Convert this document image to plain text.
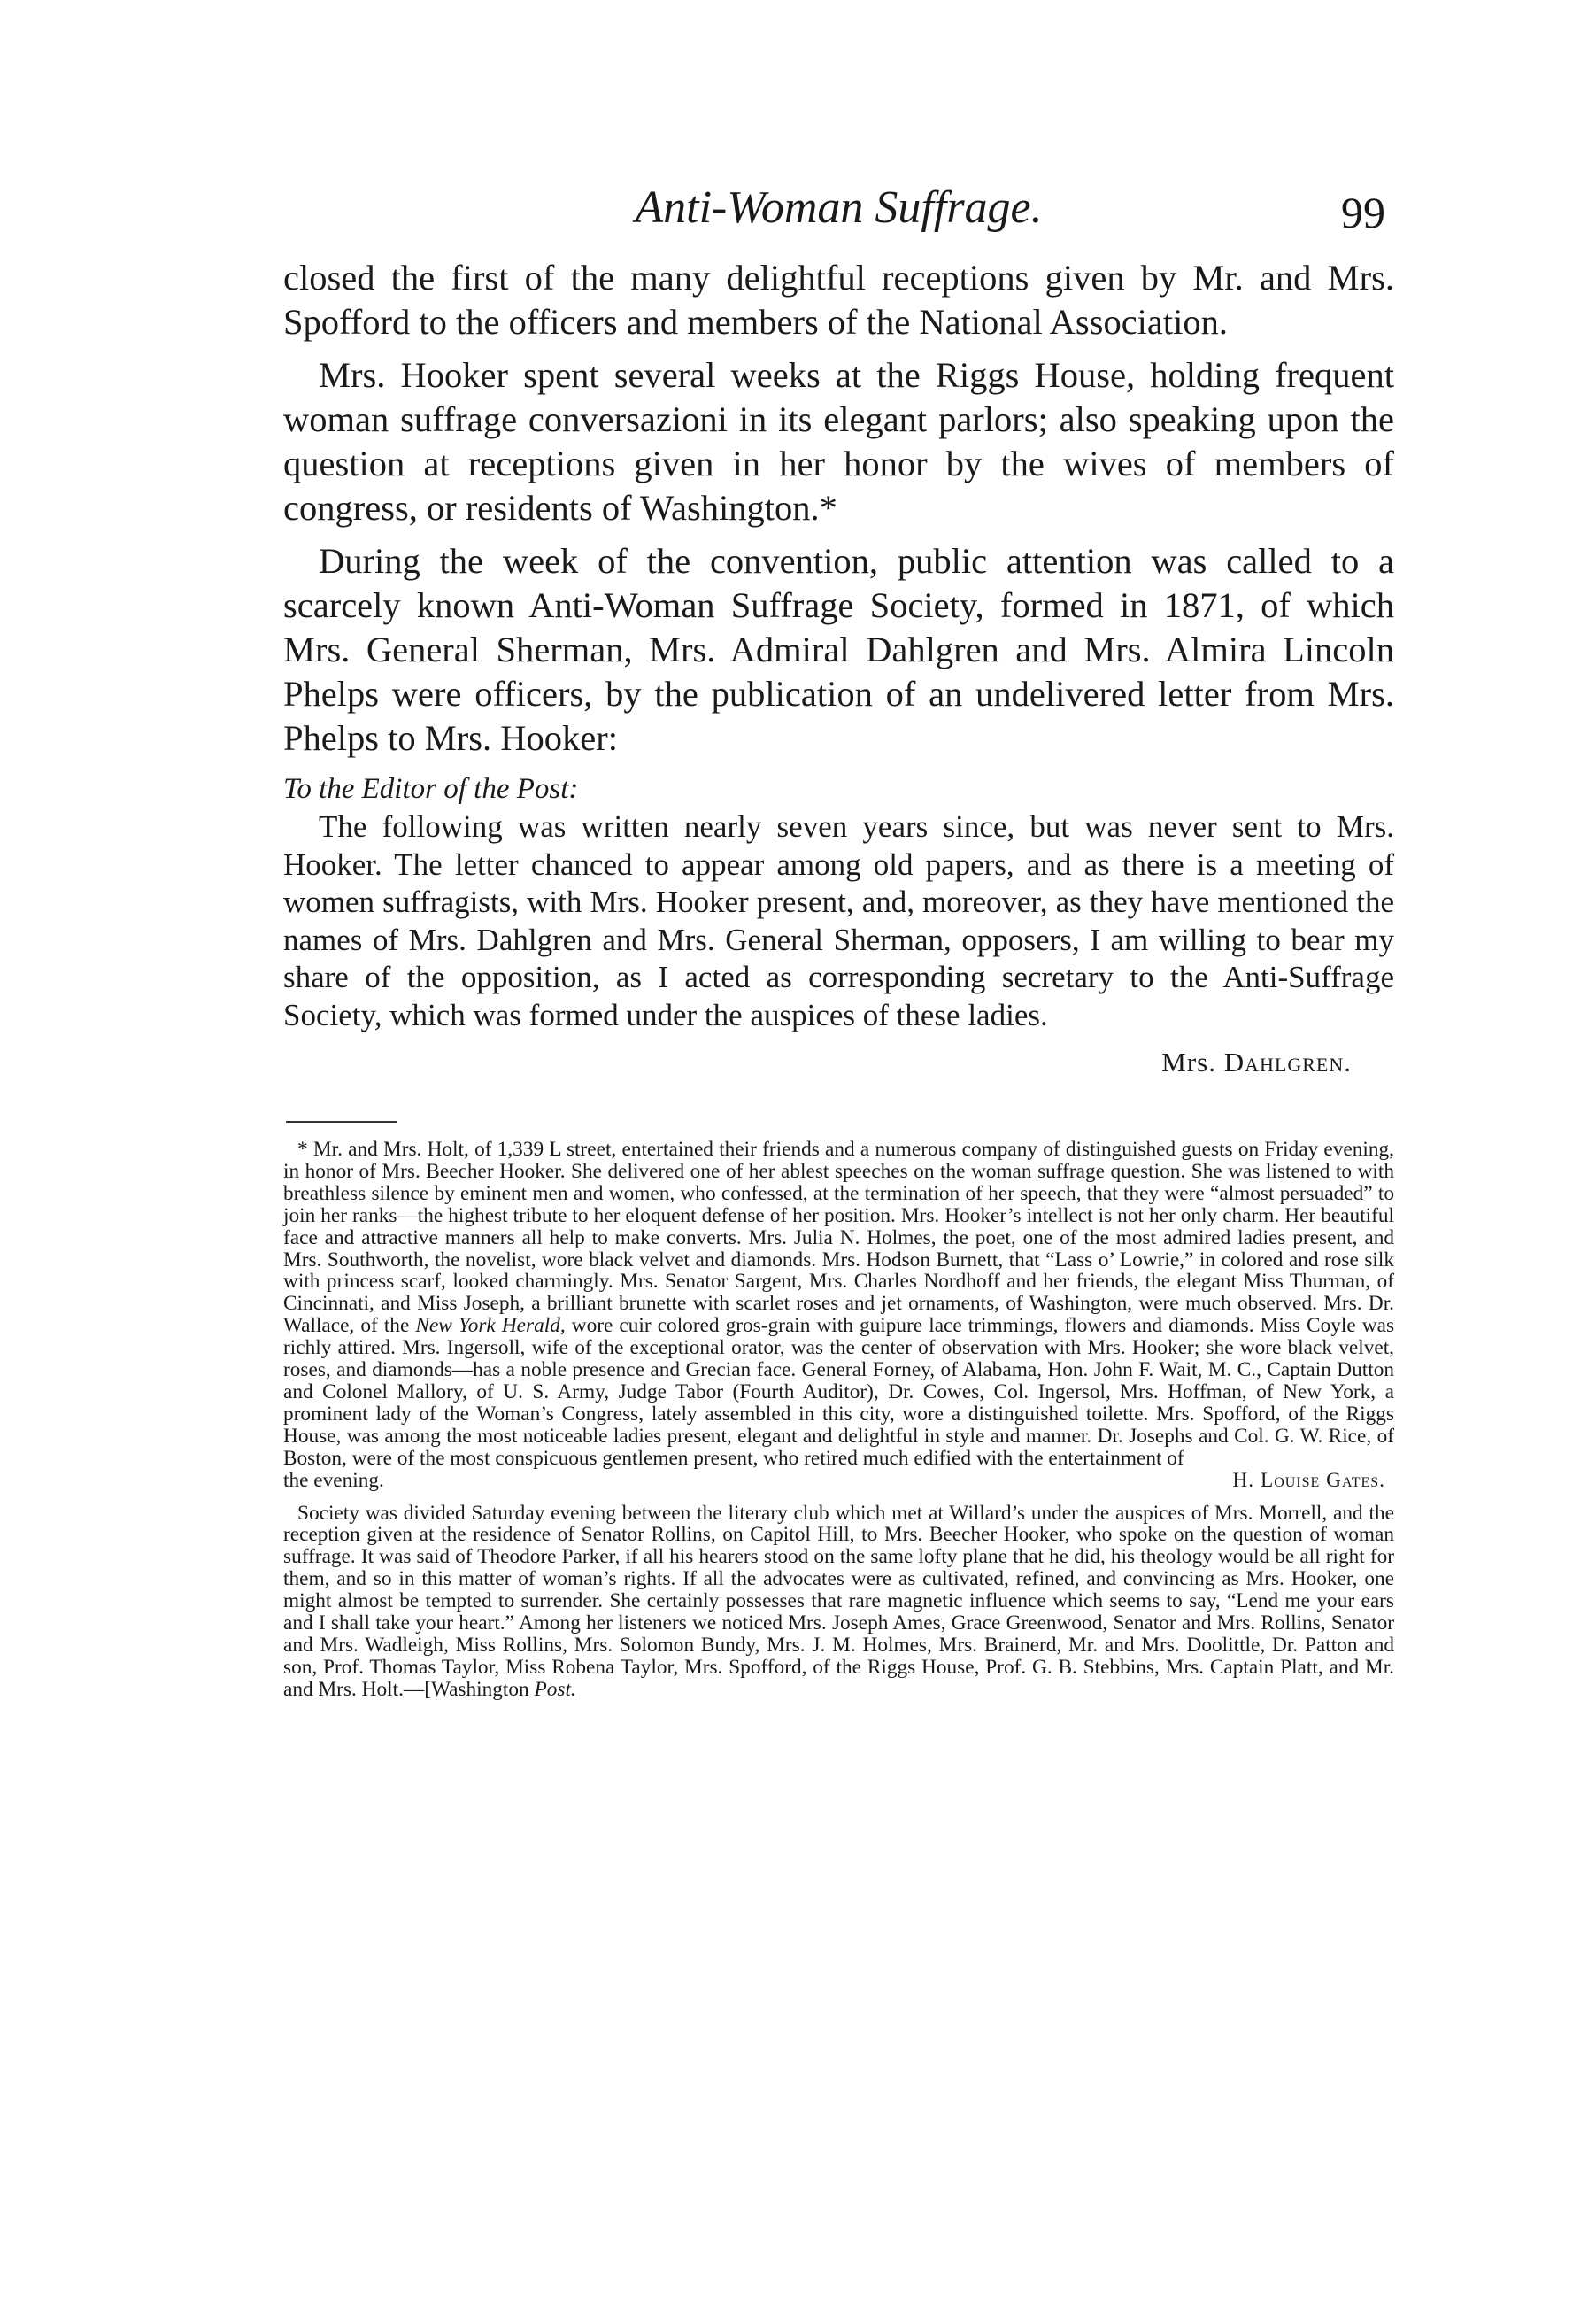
Anti-Woman Suffrage.	99

closed the first of the many delightful receptions given by Mr. and Mrs. Spofford to the officers and members of the National Association.

Mrs. Hooker spent several weeks at the Riggs House, holding frequent woman suffrage conversazioni in its elegant parlors; also speaking upon the question at receptions given in her honor by the wives of members of congress, or residents of Washington.*

During the week of the convention, public attention was called to a scarcely known Anti-Woman Suffrage Society, formed in 1871, of which Mrs. General Sherman, Mrs. Admiral Dahlgren and Mrs. Almira Lincoln Phelps were officers, by the publication of an undelivered letter from Mrs. Phelps to Mrs. Hooker:

To the Editor of the Post:

The following was written nearly seven years since, but was never sent to Mrs. Hooker. The letter chanced to appear among old papers, and as there is a meeting of women suffragists, with Mrs. Hooker present, and, moreover, as they have mentioned the names of Mrs. Dahlgren and Mrs. General Sherman, opposers, I am willing to bear my share of the opposition, as I acted as corresponding secretary to the Anti-Suffrage Society, which was formed under the auspices of these ladies.

Mrs. Dahlgren.

* Mr. and Mrs. Holt, of 1,339 L street, entertained their friends and a numerous company of distinguished guests on Friday evening, in honor of Mrs. Beecher Hooker. She delivered one of her ablest speeches on the woman suffrage question. She was listened to with breathless silence by eminent men and women, who confessed, at the termination of her speech, that they were “almost persuaded” to join her ranks—the highest tribute to her eloquent defense of her position. Mrs. Hooker’s intellect is not her only charm. Her beautiful face and attractive manners all help to make converts. Mrs. Julia N. Holmes, the poet, one of the most admired ladies present, and Mrs. Southworth, the novelist, wore black velvet and diamonds. Mrs. Hodson Burnett, that “Lass o’ Lowrie,” in colored and rose silk with princess scarf, looked charmingly. Mrs. Senator Sargent, Mrs. Charles Nordhoff and her friends, the elegant Miss Thurman, of Cincinnati, and Miss Joseph, a brilliant brunette with scarlet roses and jet ornaments, of Washington, were much observed. Mrs. Dr. Wallace, of the New York Herald, wore cuir colored gros-grain with guipure lace trimmings, flowers and diamonds. Miss Coyle was richly attired. Mrs. Ingersoll, wife of the exceptional orator, was the center of observation with Mrs. Hooker; she wore black velvet, roses, and diamonds—has a noble presence and Grecian face. General Forney, of Alabama, Hon. John F. Wait, M. C., Captain Dutton and Colonel Mallory, of U. S. Army, Judge Tabor (Fourth Auditor), Dr. Cowes, Col. Ingersol, Mrs. Hoffman, of New York, a prominent lady of the Woman’s Congress, lately assembled in this city, wore a distinguished toilette. Mrs. Spofford, of the Riggs House, was among the most noticeable ladies present, elegant and delightful in style and manner. Dr. Josephs and Col. G. W. Rice, of Boston, were of the most conspicuous gentlemen present, who retired much edified with the entertainment of

the evening.	H. Louise Gates.

Society was divided Saturday evening between the literary club which met at Willard’s under the auspices of Mrs. Morrell, and the reception given at the residence of Senator Rollins, on Capitol Hill, to Mrs. Beecher Hooker, who spoke on the question of woman suffrage. It was said of Theodore Parker, if all his hearers stood on the same lofty plane that he did, his theology would be all right for them, and so in this matter of woman’s rights. If all the advocates were as cultivated, refined, and convincing as Mrs. Hooker, one might almost be tempted to surrender. She certainly possesses that rare magnetic influence which seems to say, “Lend me your ears and I shall take your heart.” Among her listeners we noticed Mrs. Joseph Ames, Grace Greenwood, Senator and Mrs. Rollins, Senator and Mrs. Wadleigh, Miss Rollins, Mrs. Solomon Bundy, Mrs. J. M. Holmes, Mrs. Brainerd, Mr. and Mrs. Doolittle, Dr. Patton and son, Prof. Thomas Taylor, Miss Robena Taylor, Mrs. Spofford, of the Riggs House, Prof. G. B. Stebbins, Mrs. Captain Platt, and Mr. and Mrs. Holt.—[Washington Post.
